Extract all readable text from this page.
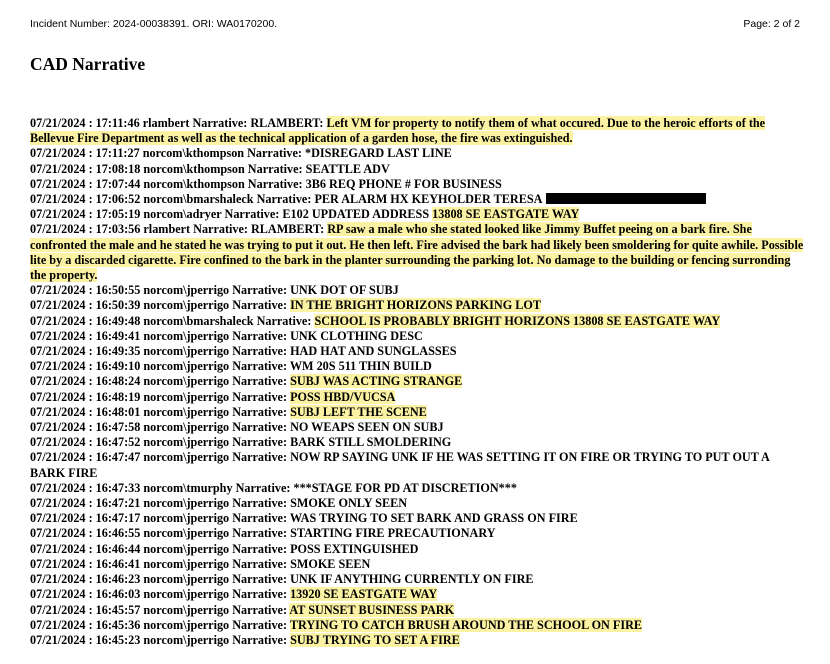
Incident Number: 2024-00038391. ORI: WA0170200.	Page: 2 of 2
CAD Narrative
07/21/2024 : 17:11:46 rlambert Narrative: RLAMBERT: Left VM for property to notify them of what occured. Due to the heroic efforts of the Bellevue Fire Department as well as the technical application of a garden hose, the fire was extinguished.
07/21/2024 : 17:11:27 norcom\kthompson Narrative: *DISREGARD LAST LINE
07/21/2024 : 17:08:18 norcom\kthompson Narrative: SEATTLE ADV
07/21/2024 : 17:07:44 norcom\kthompson Narrative: 3B6 REQ PHONE # FOR BUSINESS
07/21/2024 : 17:06:52 norcom\bmarshaleck Narrative: PER ALARM HX KEYHOLDER TERESA
07/21/2024 : 17:05:19 norcom\adryer Narrative: E102 UPDATED ADDRESS 13808 SE EASTGATE WAY
07/21/2024 : 17:03:56 rlambert Narrative: RLAMBERT: RP saw a male who she stated looked like Jimmy Buffet peeing on a bark fire. She confronted the male and he stated he was trying to put it out. He then left. Fire advised the bark had likely been smoldering for quite awhile. Possible lite by a discarded cigarette. Fire confined to the bark in the planter surrounding the parking lot. No damage to the building or fencing surronding the property.
07/21/2024 : 16:50:55 norcom\jperrigo Narrative: UNK DOT OF SUBJ
07/21/2024 : 16:50:39 norcom\jperrigo Narrative: IN THE BRIGHT HORIZONS PARKING LOT
07/21/2024 : 16:49:48 norcom\bmarshaleck Narrative: SCHOOL IS PROBABLY BRIGHT HORIZONS 13808 SE EASTGATE WAY
07/21/2024 : 16:49:41 norcom\jperrigo Narrative: UNK CLOTHING DESC
07/21/2024 : 16:49:35 norcom\jperrigo Narrative: HAD HAT AND SUNGLASSES
07/21/2024 : 16:49:10 norcom\jperrigo Narrative: WM 20S 511 THIN BUILD
07/21/2024 : 16:48:24 norcom\jperrigo Narrative: SUBJ WAS ACTING STRANGE
07/21/2024 : 16:48:19 norcom\jperrigo Narrative: POSS HBD/VUCSA
07/21/2024 : 16:48:01 norcom\jperrigo Narrative: SUBJ LEFT THE SCENE
07/21/2024 : 16:47:58 norcom\jperrigo Narrative: NO WEAPS SEEN ON SUBJ
07/21/2024 : 16:47:52 norcom\jperrigo Narrative: BARK STILL SMOLDERING
07/21/2024 : 16:47:47 norcom\jperrigo Narrative: NOW RP SAYING UNK IF HE WAS SETTING IT ON FIRE OR TRYING TO PUT OUT A BARK FIRE
07/21/2024 : 16:47:33 norcom\tmurphy Narrative: ***STAGE FOR PD AT DISCRETION***
07/21/2024 : 16:47:21 norcom\jperrigo Narrative: SMOKE ONLY SEEN
07/21/2024 : 16:47:17 norcom\jperrigo Narrative: WAS TRYING TO SET BARK AND GRASS ON FIRE
07/21/2024 : 16:46:55 norcom\jperrigo Narrative: STARTING FIRE PRECAUTIONARY
07/21/2024 : 16:46:44 norcom\jperrigo Narrative: POSS EXTINGUISHED
07/21/2024 : 16:46:41 norcom\jperrigo Narrative: SMOKE SEEN
07/21/2024 : 16:46:23 norcom\jperrigo Narrative: UNK IF ANYTHING CURRENTLY ON FIRE
07/21/2024 : 16:46:03 norcom\jperrigo Narrative: 13920 SE EASTGATE WAY
07/21/2024 : 16:45:57 norcom\jperrigo Narrative: AT SUNSET BUSINESS PARK
07/21/2024 : 16:45:36 norcom\jperrigo Narrative: TRYING TO CATCH BRUSH AROUND THE SCHOOL ON FIRE
07/21/2024 : 16:45:23 norcom\jperrigo Narrative: SUBJ TRYING TO SET A FIRE
